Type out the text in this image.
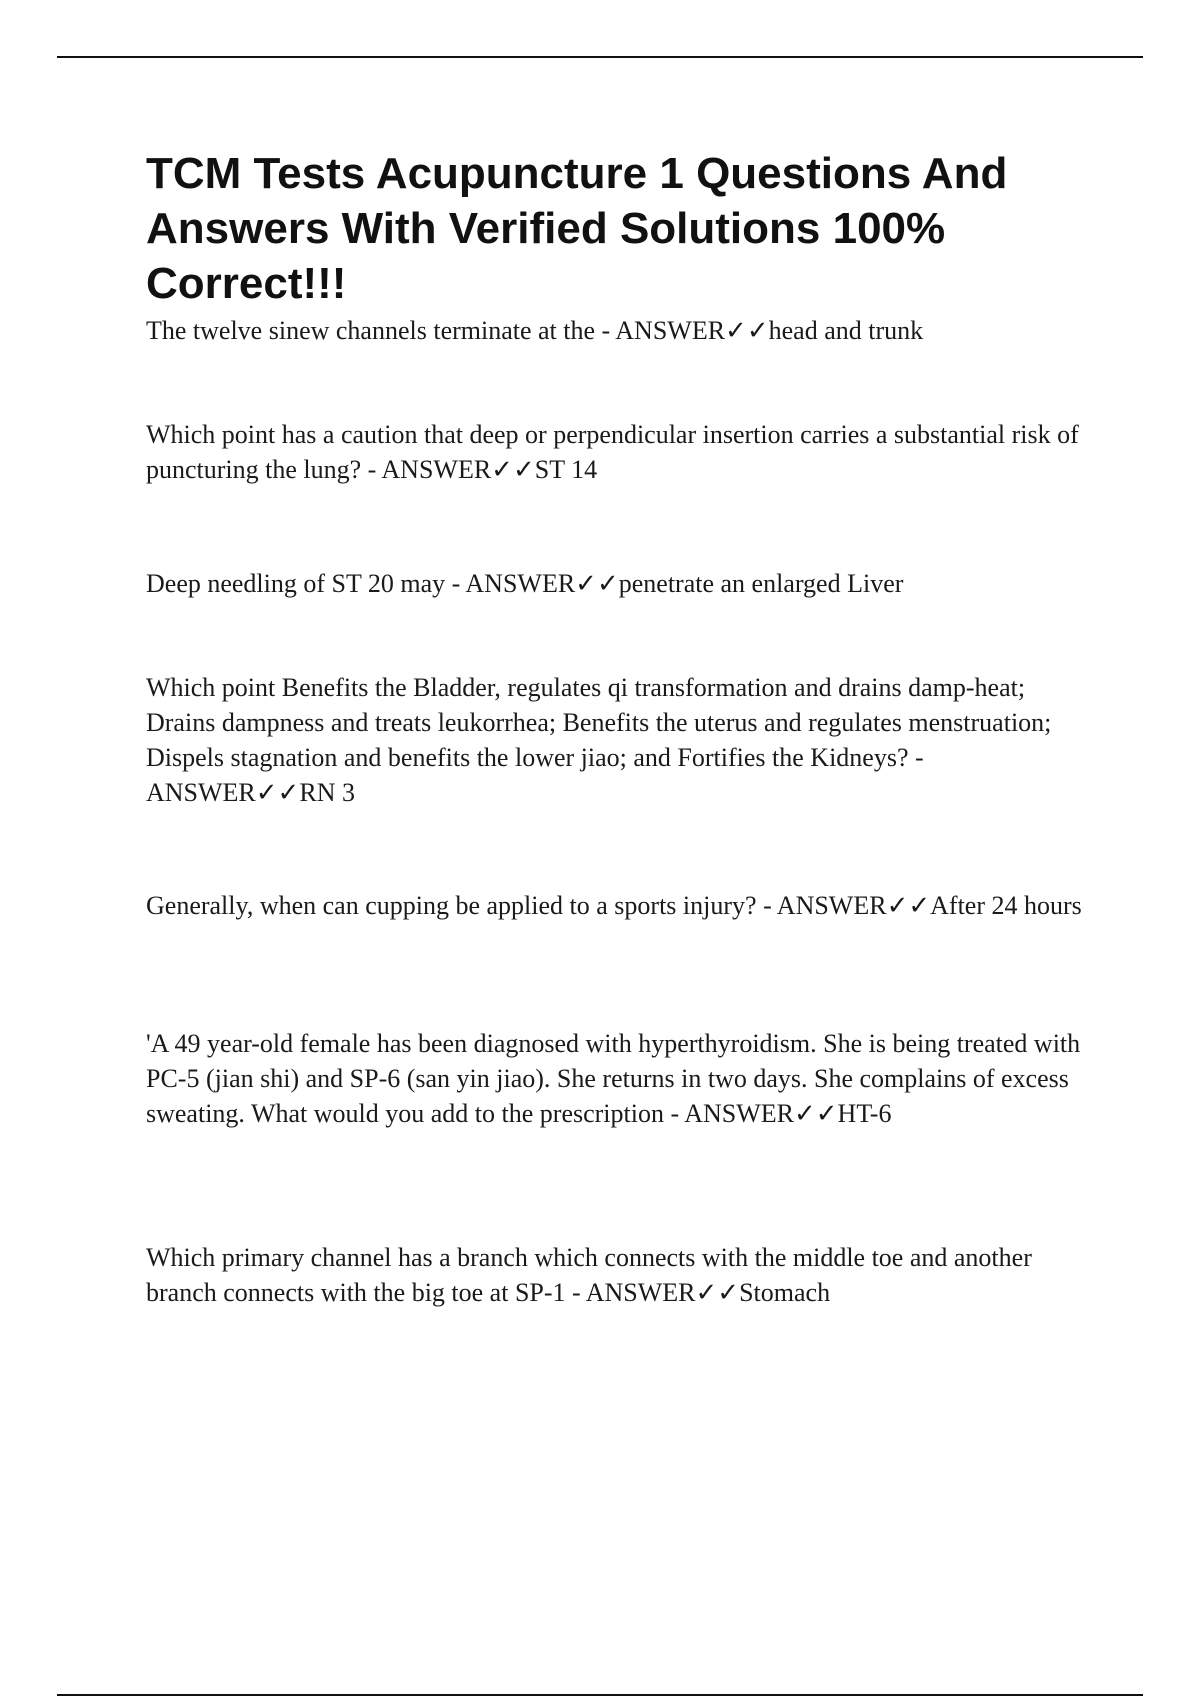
TCM Tests Acupuncture 1 Questions And Answers With Verified Solutions 100% Correct!!!

The twelve sinew channels terminate at the - ANSWER✓✓head and trunk

Which point has a caution that deep or perpendicular insertion carries a substantial risk of puncturing the lung? - ANSWER✓✓ST 14

Deep needling of ST 20 may - ANSWER✓✓penetrate an enlarged Liver

Which point Benefits the Bladder, regulates qi transformation and drains damp-heat; Drains dampness and treats leukorrhea; Benefits the uterus and regulates menstruation; Dispels stagnation and benefits the lower jiao; and Fortifies the Kidneys? - ANSWER✓✓RN 3

Generally, when can cupping be applied to a sports injury? - ANSWER✓✓After 24 hours

'A 49 year-old female has been diagnosed with hyperthyroidism. She is being treated with PC-5 (jian shi) and SP-6 (san yin jiao). She returns in two days. She complains of excess sweating. What would you add to the prescription - ANSWER✓✓HT-6

Which primary channel has a branch which connects with the middle toe and another branch connects with the big toe at SP-1 - ANSWER✓✓Stomach
